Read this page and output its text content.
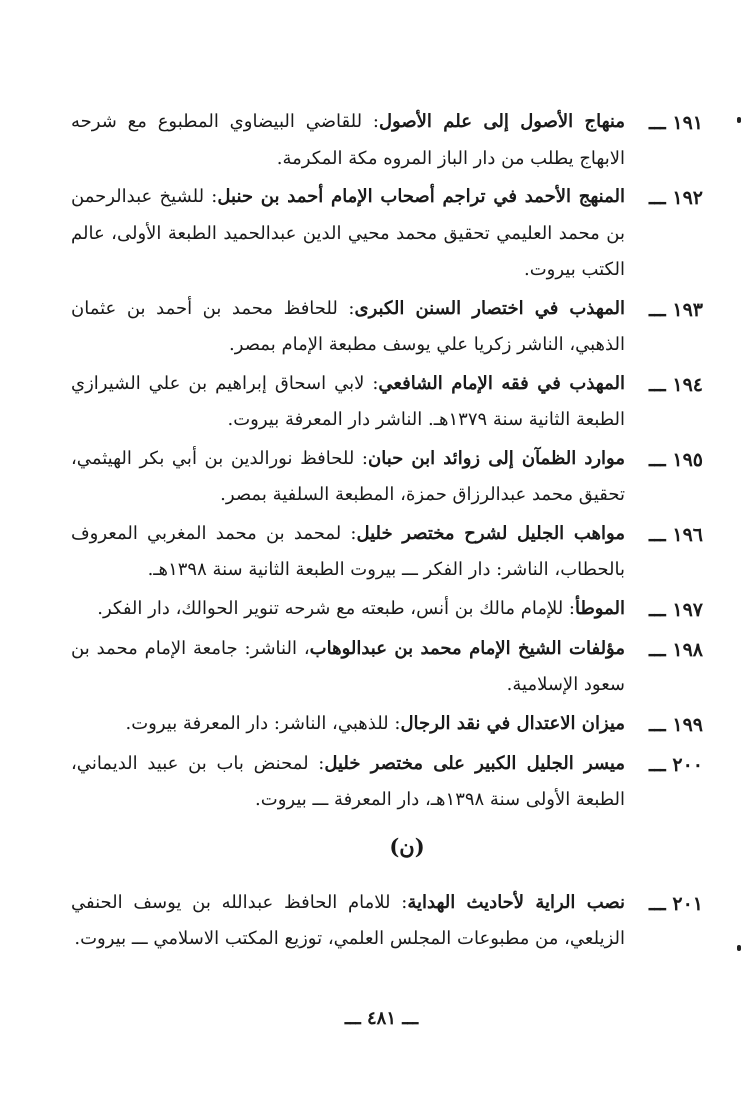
١٩١ ـــ
منهاج الأصول إلى علم الأصول: للقاضي البيضاوي المطبوع مع شرحه الابهاج يطلب من دار الباز المروه مكة المكرمة.
١٩٢ ـــ
المنهج الأحمد في تراجم أصحاب الإمام أحمد بن حنبل: للشيخ عبدالرحمن بن محمد العليمي تحقيق محمد محيي الدين عبدالحميد الطبعة الأولى، عالم الكتب بيروت.
١٩٣ ـــ
المهذب في اختصار السنن الكبرى: للحافظ محمد بن أحمد بن عثمان الذهبي، الناشر زكريا علي يوسف مطبعة الإمام بمصر.
١٩٤ ـــ
المهذب في فقه الإمام الشافعي: لابي اسحاق إبراهيم بن علي الشيرازي الطبعة الثانية سنة ١٣٧٩هـ. الناشر دار المعرفة بيروت.
١٩٥ ـــ
موارد الظمآن إلى زوائد ابن حبان: للحافظ نورالدين بن أبي بكر الهيثمي، تحقيق محمد عبدالرزاق حمزة، المطبعة السلفية بمصر.
١٩٦ ـــ
مواهب الجليل لشرح مختصر خليل: لمحمد بن محمد المغربي المعروف بالحطاب، الناشر: دار الفكر ـــ بيروت الطبعة الثانية سنة ١٣٩٨هـ.
١٩٧ ـــ
الموطأ: للإمام مالك بن أنس، طبعته مع شرحه تنوير الحوالك، دار الفكر.
١٩٨ ـــ
مؤلفات الشيخ الإمام محمد بن عبدالوهاب، الناشر: جامعة الإمام محمد بن سعود الإسلامية.
١٩٩ ـــ
ميزان الاعتدال في نقد الرجال: للذهبي، الناشر: دار المعرفة بيروت.
٢٠٠ ـــ
ميسر الجليل الكبير على مختصر خليل: لمحنض باب بن عبيد الديماني، الطبعة الأولى سنة ١٣٩٨هـ، دار المعرفة ـــ بيروت.
(ن)
٢٠١ ـــ
نصب الراية لأحاديث الهداية: للامام الحافظ عبدالله بن يوسف الحنفي الزيلعي، من مطبوعات المجلس العلمي، توزيع المكتب الاسلامي ـــ بيروت.
ـــ ٤٨١ ـــ
